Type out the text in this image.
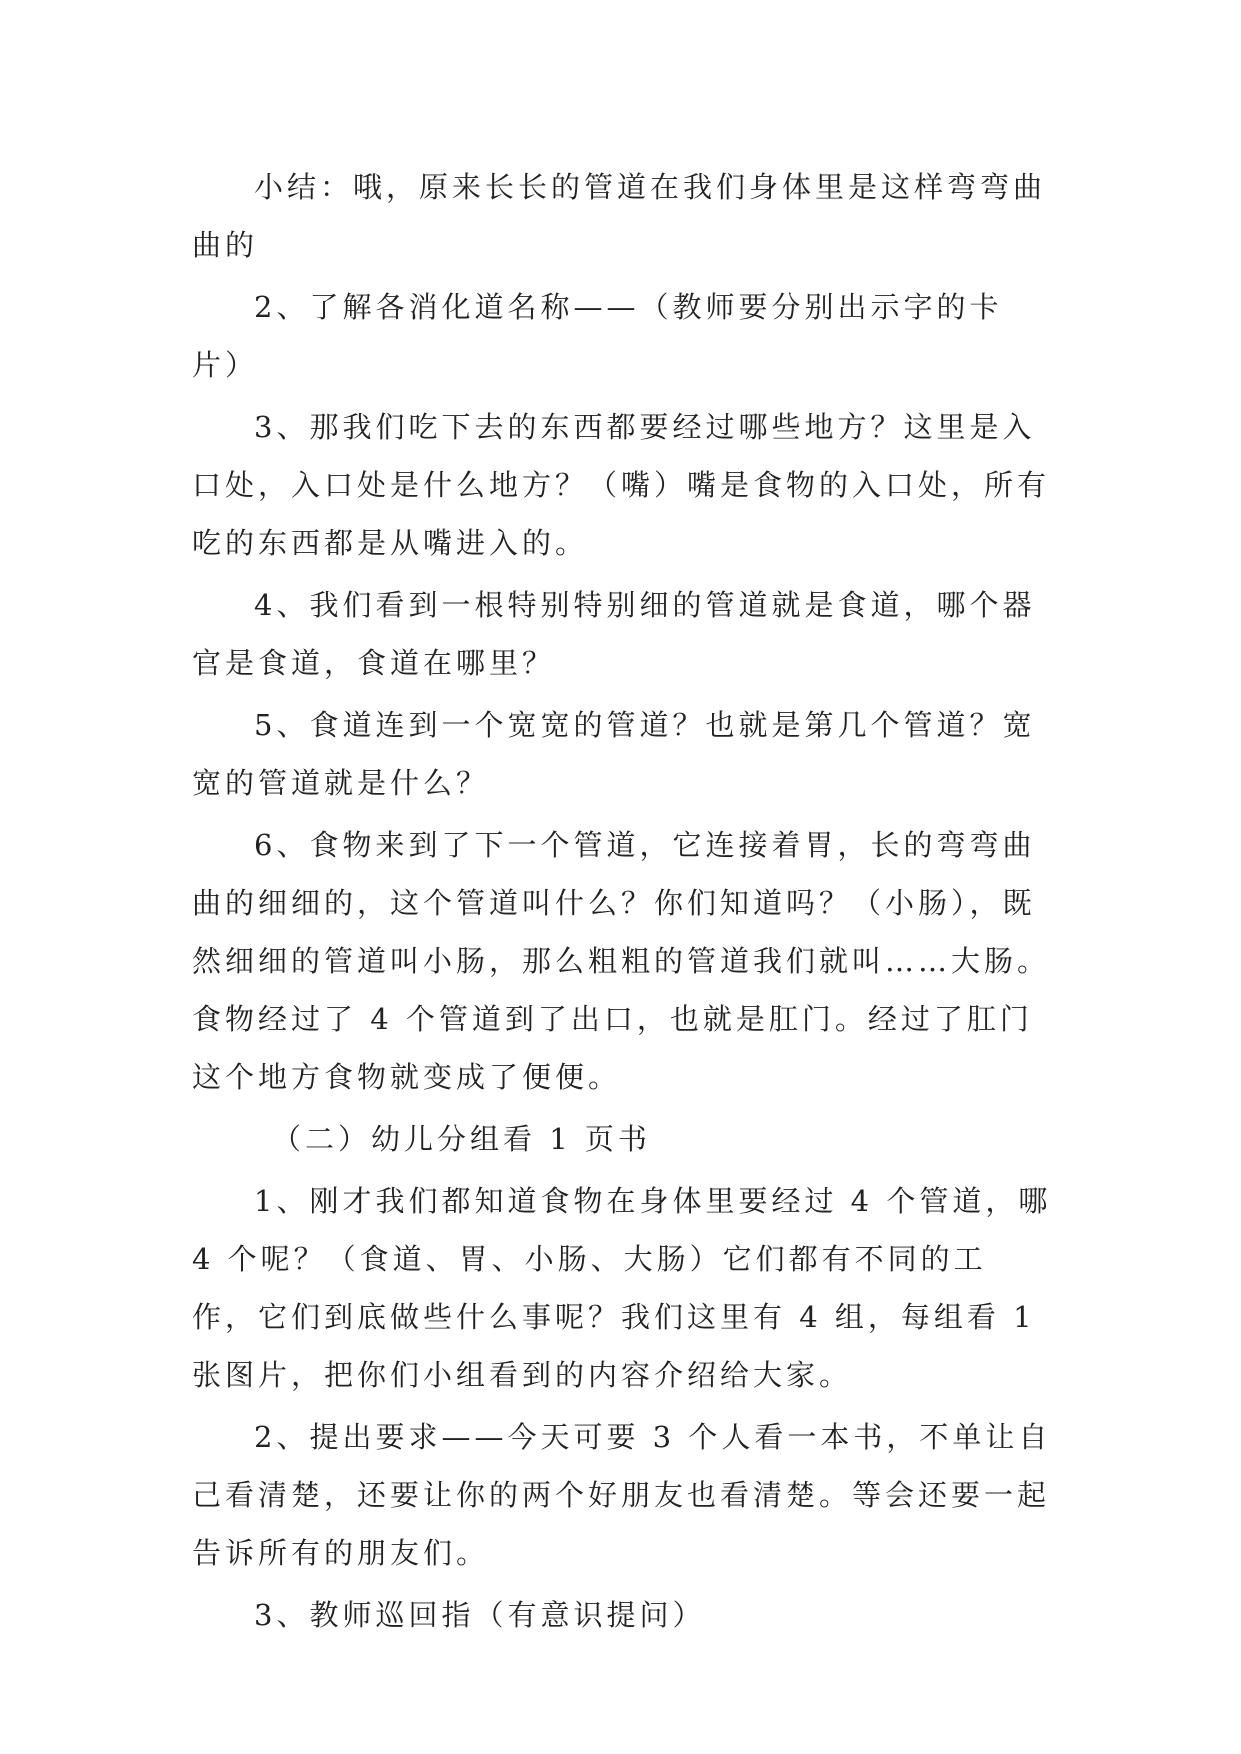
小结：哦，原来长长的管道在我们身体里是这样弯弯曲曲的

2、了解各消化道名称——（教师要分别出示字的卡片）

3、那我们吃下去的东西都要经过哪些地方？这里是入口处，入口处是什么地方？（嘴）嘴是食物的入口处，所有吃的东西都是从嘴进入的。

4、我们看到一根特别特别细的管道就是食道，哪个器官是食道，食道在哪里？

5、食道连到一个宽宽的管道？也就是第几个管道？宽宽的管道就是什么？

6、食物来到了下一个管道，它连接着胃，长的弯弯曲曲的细细的，这个管道叫什么？你们知道吗？（小肠），既然细细的管道叫小肠，那么粗粗的管道我们就叫……大肠。食物经过了 4 个管道到了出口，也就是肛门。经过了肛门这个地方食物就变成了便便。

（二）幼儿分组看 1 页书

1、刚才我们都知道食物在身体里要经过 4 个管道，哪 4 个呢？（食道、胃、小肠、大肠）它们都有不同的工作，它们到底做些什么事呢？我们这里有 4 组，每组看 1 张图片，把你们小组看到的内容介绍给大家。

2、提出要求——今天可要 3 个人看一本书，不单让自己看清楚，还要让你的两个好朋友也看清楚。等会还要一起告诉所有的朋友们。

3、教师巡回指（有意识提问）
